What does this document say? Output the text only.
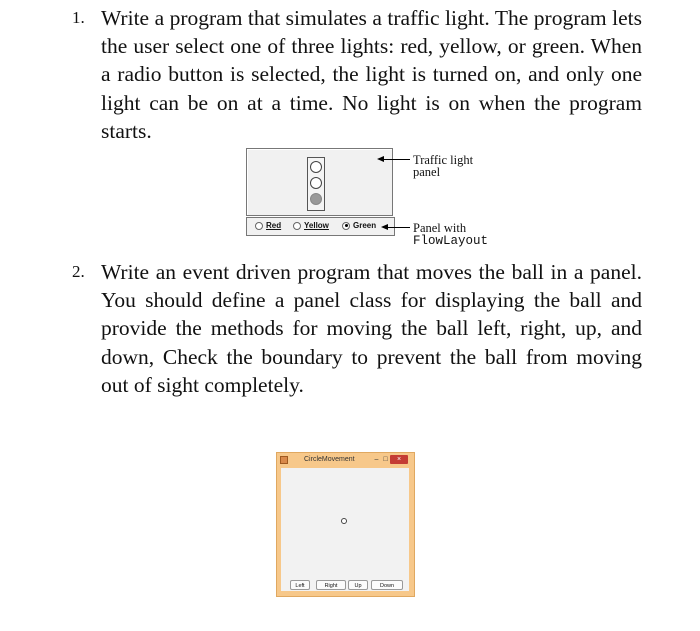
1. Write a program that simulates a traffic light. The program lets the user select one of three lights: red, yellow, or green. When a radio button is selected, the light is turned on, and only one light can be on at a time. No light is on when the program starts.
Red	Yellow	Green
Traffic light
panel
Panel with
FlowLayout
2. Write an event driven program that moves the ball in a panel. You should define a panel class for displaying the ball and provide the methods for moving the ball left, right, up, and down, Check the boundary to prevent the ball from moving out of sight completely.
CircleMovement	– □	×
Left	Right	Up	Down
